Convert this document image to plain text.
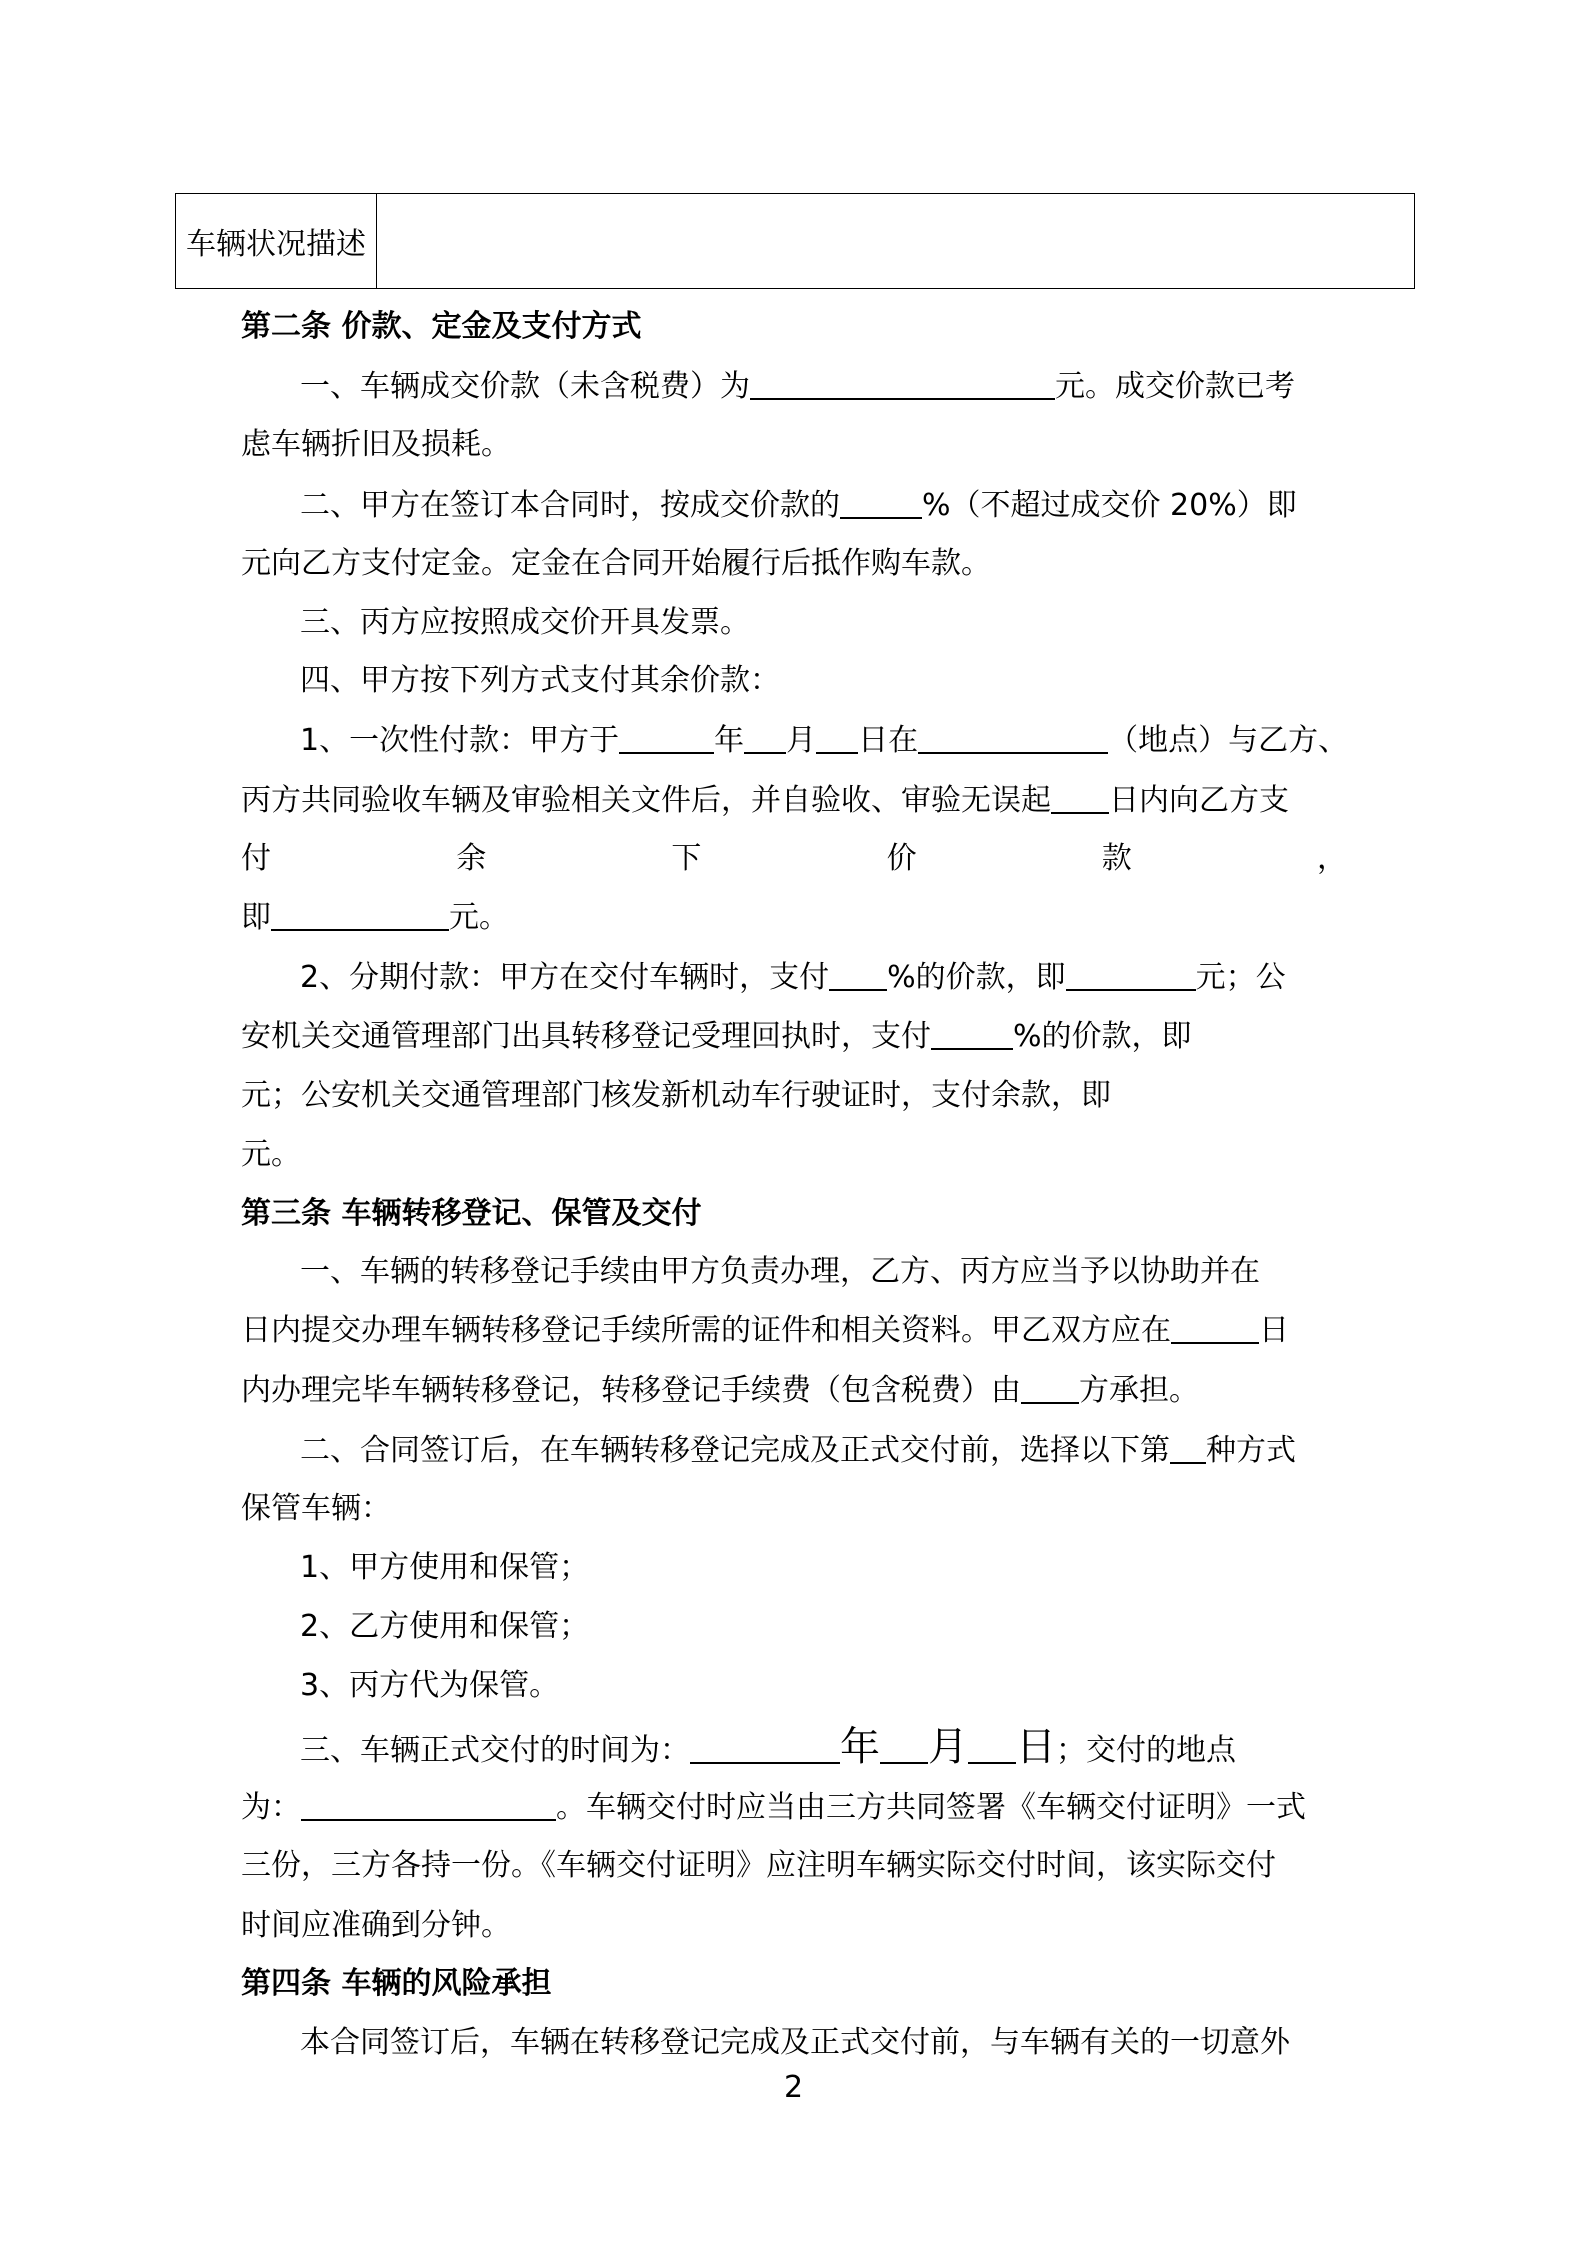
车辆状况描述
第二条 价款、定金及支付方式
一、车辆成交价款（未含税费）为	元。成交价款已考
虑车辆折旧及损耗。
二、甲方在签订本合同时，按成交价款的	%（不超过成交价 20%）即
元向乙方支付定金。定金在合同开始履行后抵作购车款。
三、丙方应按照成交价开具发票。
四、甲方按下列方式支付其余价款：
1、一次性付款：甲方于	年 月 日在	（地点）与乙方、
丙方共同验收车辆及审验相关文件后，并自验收、审验无误起 日内向乙方支
付	余	下	价	款	，
即	元。
2、分期付款：甲方在交付车辆时，支付 %的价款，即	元；公
安机关交通管理部门出具转移登记受理回执时，支付	%的价款，即
元；公安机关交通管理部门核发新机动车行驶证时，支付余款，即
元。
第三条 车辆转移登记、保管及交付
一、车辆的转移登记手续由甲方负责办理，乙方、丙方应当予以协助并在
日内提交办理车辆转移登记手续所需的证件和相关资料。甲乙双方应在	日
内办理完毕车辆转移登记，转移登记手续费（包含税费）由 方承担。
二、合同签订后，在车辆转移登记完成及正式交付前，选择以下第 种方式
保管车辆：
1、甲方使用和保管；
2、乙方使用和保管；
3、丙方代为保管。
三、车辆正式交付的时间为：	年 月 日；交付的地点
为：	。车辆交付时应当由三方共同签署《车辆交付证明》一式
三份，三方各持一份。《车辆交付证明》应注明车辆实际交付时间，该实际交付
时间应准确到分钟。
第四条 车辆的风险承担
本合同签订后，车辆在转移登记完成及正式交付前，与车辆有关的一切意外
2
